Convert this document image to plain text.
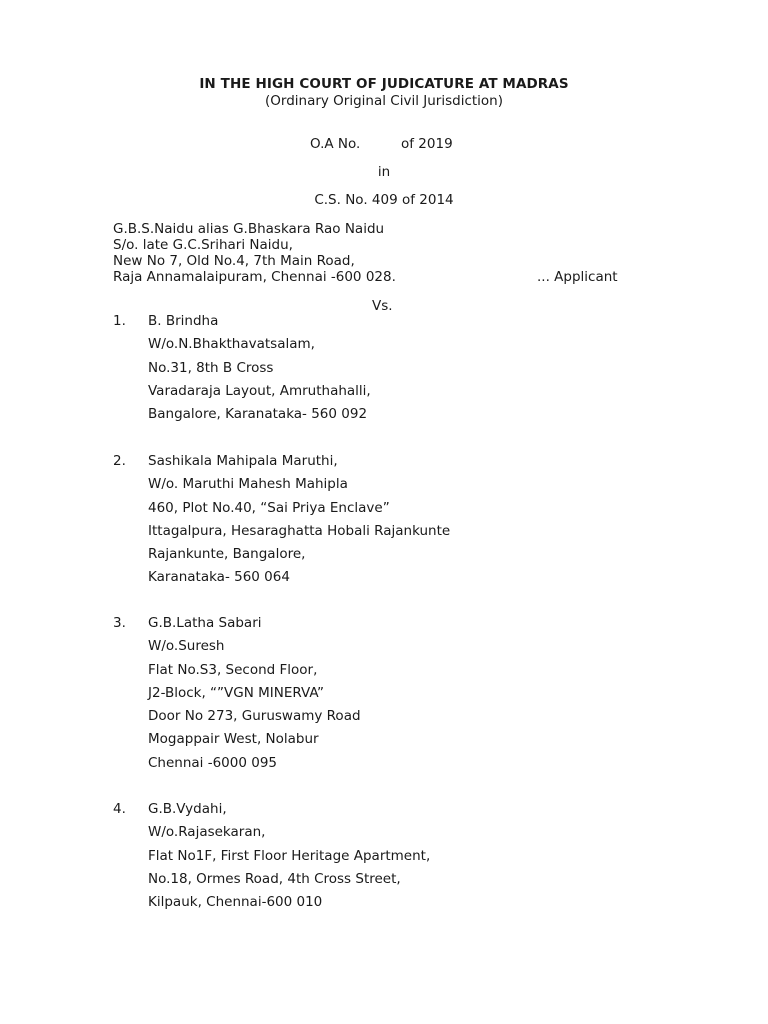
IN THE HIGH COURT OF JUDICATURE AT MADRAS
(Ordinary Original Civil Jurisdiction)
O.A No.	of 2019
in
C.S. No. 409 of 2014
G.B.S.Naidu alias G.Bhaskara Rao Naidu
S/o. late G.C.Srihari Naidu,
New No 7, Old No.4, 7th Main Road,
Raja Annamalaipuram, Chennai -600 028.	... Applicant
Vs.
1. B. Brindha
W/o.N.Bhakthavatsalam,
No.31, 8th B Cross
Varadaraja Layout, Amruthahalli,
Bangalore, Karanataka- 560 092
2. Sashikala Mahipala Maruthi,
W/o. Maruthi Mahesh Mahipla
460, Plot No.40, “Sai Priya Enclave”
Ittagalpura, Hesaraghatta Hobali Rajankunte
Rajankunte, Bangalore,
Karanataka- 560 064
3. G.B.Latha Sabari
W/o.Suresh
Flat No.S3, Second Floor,
J2-Block, “”VGN MINERVA”
Door No 273, Guruswamy Road
Mogappair West, Nolabur
Chennai -6000 095
4. G.B.Vydahi,
W/o.Rajasekaran,
Flat No1F, First Floor Heritage Apartment,
No.18, Ormes Road, 4th Cross Street,
Kilpauk, Chennai-600 010
